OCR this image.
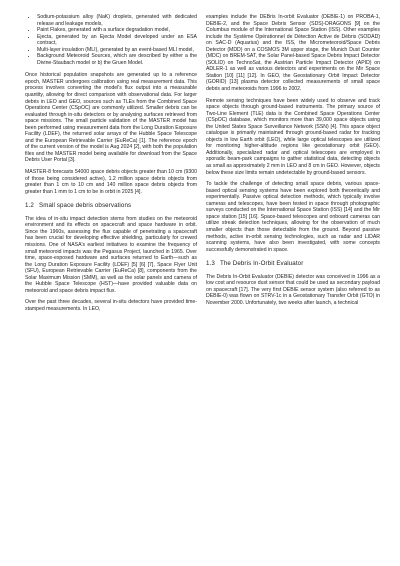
• Sodium-potassium alloy (NaK) droplets, generated with dedicated release and leakage models,
• Paint Flakes, generated with a surface degradation model,
• Ejecta, generated by an Ejecta Model developed under an ESA contract,
• Multi-layer insulation (MLI), generated by an event-based MLI model,
• Background Meteoroid Sources, which are described by either a the Divine-Staubach model or b) the Gruen Model.

Once historical population snapshots are generated up to a reference epoch, MASTER undergoes calibration using real measurement data. This process involves converting the model's flux output into a measurable quantity, allowing for direct comparison with observational data. For larger debris in LEO and GEO, sources such as TLEs from the Combined Space Operations Center (CSpOC) are commonly utilized. Smaller debris can be evaluated through in-situ detectors or by analysing surfaces retrieved from space missions. The small particle validation of the MASTER model has been performed using measurement data from the Long Duration Exposure Facility (LDEF), the returned solar arrays of the Hubble Space Telescope and the European Retrievable Carrier (EuReCa) [1]. The reference epoch of the current version of the model is Aug 2024 [2], with both the population files and the MASTER model being available for download from the Space Debris User Portal [3].

MASTER-8 forecasts 54000 space debris objects greater than 10 cm (9300 of those being considered active), 1.2 million space debris objects from greater than 1 cm to 10 cm and 140 million space debris objects from greater than 1 mm to 1 cm to be in orbit in 2025 [4].

1.2 Small space debris observations

The idea of in-situ impact detection stems from studies on the meteoroid environment and its effects on spacecraft and space hardware in orbit. Since the 1960s, assessing the flux capable of penetrating a spacecraft has been crucial for developing effective shielding, particularly for crewed missions. One of NASA's earliest initiatives to examine the frequency of small meteoroid impacts was the Pegasus Project, launched in 1965. Over time, space-exposed hardware and surfaces returned to Earth—such as the Long Duration Exposure Facility (LDEF) [5] [6] [7], Space Flyer Unit (SFU), European Retrievable Carrier (EuReCa) [8], components from the Solar Maximum Mission (SMM), as well as the solar panels and camera of the Hubble Space Telescope (HST)—have provided valuable data on meteoroid and space debris impact flux.

Over the past three decades, several in-situ detectors have provided time-stamped measurements. In LEO,

examples include the DEBris In-orbit Evaluator (DEBIE-1) on PROBA-1, DEBIE-2, and the Space Debris Sensor (SDS)-DRAGONS [9] on the Columbus module of the International Space Station (ISS). Other examples include the Système Opérationnel de Détection Active de Débris (SODAD) on SAC-D (Aquarius) and the ISS, the Micrometeoroid/Space Debris Detector (MDD) on a COSMOS 3M upper stage, the Munich Dust Counter (MDC) on BREM-SAT, the Solar Panel-based Space Debris Impact Detector (SOLID) on TechnoSat, the Austrian Particle Impact Detector (APID) on ADLER-1 as well as various detectors and experiments on the Mir Space Station [10] [11] [12]. In GEO, the Geostationary Orbit Impact Detector (GORID) [13] plasma detector collected measurements of small space debris and meteoroids from 1996 to 2002.

Remote sensing techniques have been widely used to observe and track space objects through ground-based instruments. The primary source of Two-Line Element (TLE) data is the Combined Space Operations Center (CSpOC) database, which monitors more than 39,000 space objects using the United States Space Surveillance Network (SSN) [4]. This space object catalogue is primarily maintained through ground-based radar for tracking objects in low Earth orbit (LEO), while large optical telescopes are utilized for monitoring higher-altitude regions like geostationary orbit (GEO). Additionally, specialized radar and optical telescopes are employed in sporadic beam-park campaigns to gather statistical data, detecting objects as small as approximately 2 mm in LEO and 8 cm in GEO. However, objects below these size limits remain undetectable by ground-based sensors.

To tackle the challenge of detecting small space debris, various space-based optical sensing systems have been explored both theoretically and experimentally. Passive optical detection methods, which typically involve cameras and telescopes, have been tested in space through photographic surveys conducted on the International Space Station (ISS) [14] and the Mir space station [15] [16]. Space-based telescopes and onboard cameras can utilize streak detection techniques, allowing for the observation of much smaller objects than those detectable from the ground. Beyond passive methods, active in-orbit sensing technologies, such as radar and LIDAR scanning systems, have also been investigated, with some concepts successfully demonstrated in space.

1.3 The Debris In-Orbit Evaluator

The Debris In-Orbit Evaluator (DEBIE) detector was conceived in 1996 as a low cost and resource dust sensor that could be used as secondary payload on spacecraft [17]. The very first DEBIE sensor system (also referred to as DEBIE-0) was flown on STRV-1c in a Geostationary Transfer Orbit (GTO) in November 2000. Unfortunately, two weeks after launch, a technical
